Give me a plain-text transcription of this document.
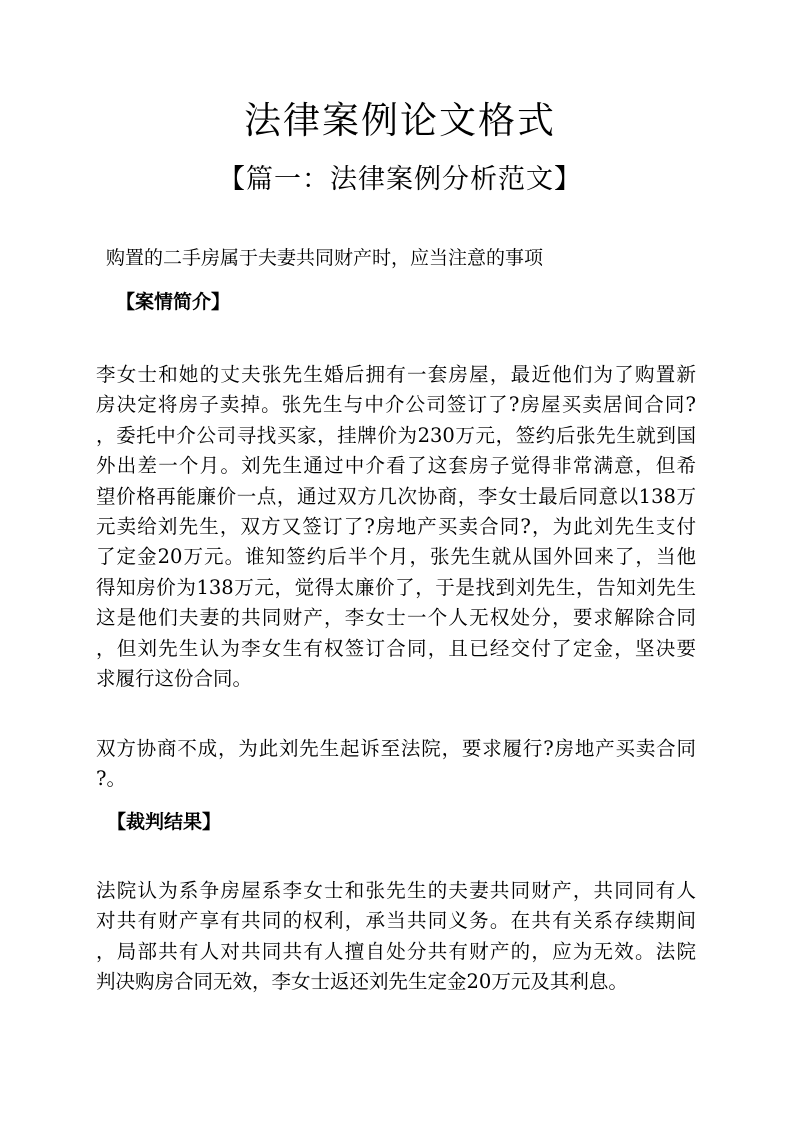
法律案例论文格式
【篇一：法律案例分析范文】
购置的二手房属于夫妻共同财产时，应当注意的事项
【案情简介】
李女士和她的丈夫张先生婚后拥有一套房屋，最近他们为了购置新
房决定将房子卖掉。张先生与中介公司签订了?房屋买卖居间合同?
，委托中介公司寻找买家，挂牌价为230万元，签约后张先生就到国
外出差一个月。刘先生通过中介看了这套房子觉得非常满意，但希
望价格再能廉价一点，通过双方几次协商，李女士最后同意以138万
元卖给刘先生，双方又签订了?房地产买卖合同?，为此刘先生支付
了定金20万元。谁知签约后半个月，张先生就从国外回来了，当他
得知房价为138万元，觉得太廉价了，于是找到刘先生，告知刘先生
这是他们夫妻的共同财产，李女士一个人无权处分，要求解除合同
，但刘先生认为李女生有权签订合同，且已经交付了定金，坚决要
求履行这份合同。
双方协商不成，为此刘先生起诉至法院，要求履行?房地产买卖合同
?。
【裁判结果】
法院认为系争房屋系李女士和张先生的夫妻共同财产，共同同有人
对共有财产享有共同的权利，承当共同义务。在共有关系存续期间
，局部共有人对共同共有人擅自处分共有财产的，应为无效。法院
判决购房合同无效，李女士返还刘先生定金20万元及其利息。
